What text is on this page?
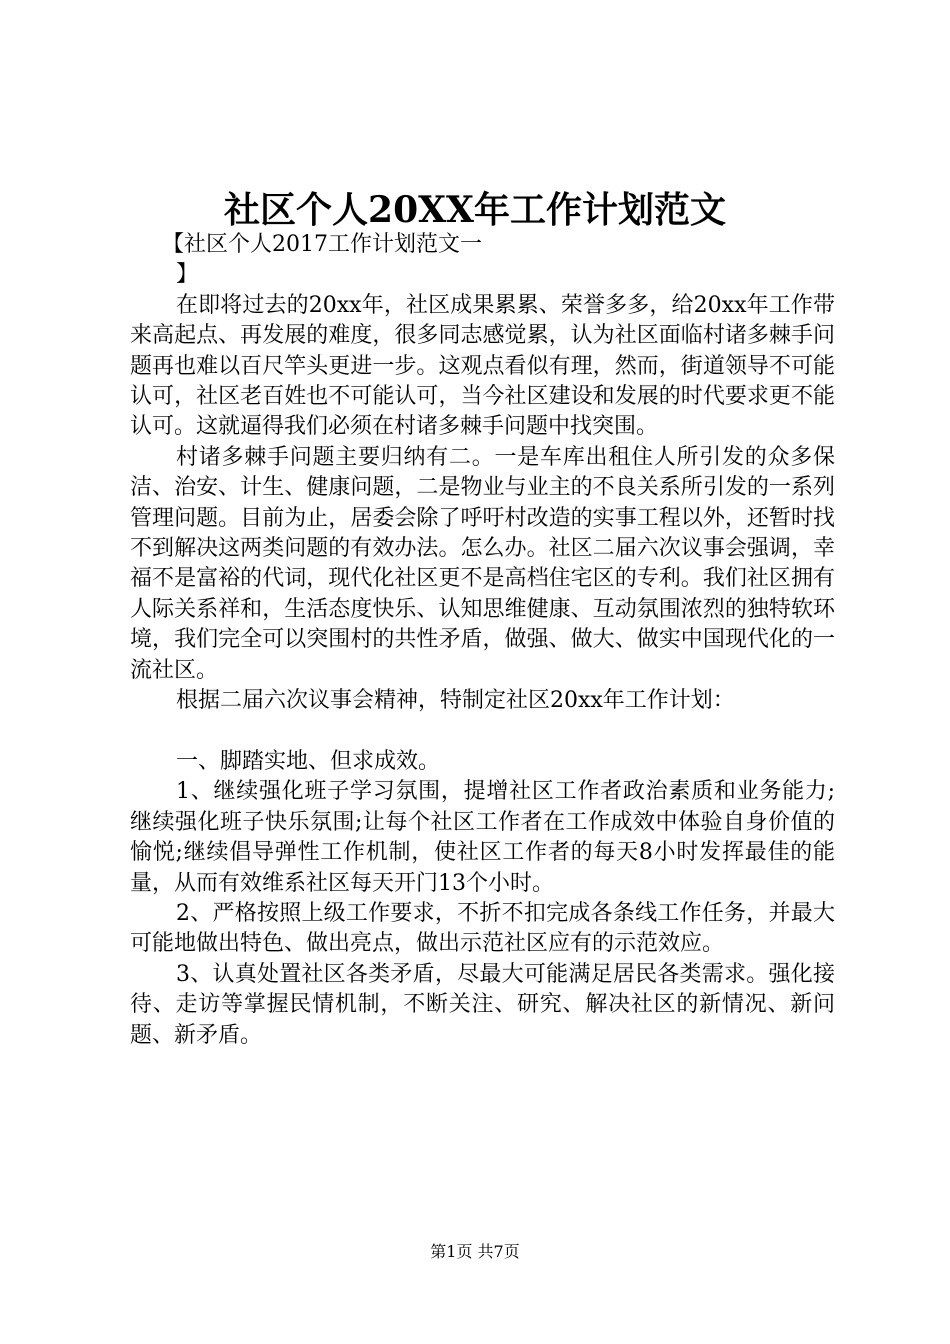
社区个人20XX年工作计划范文

【社区个人2017工作计划范文一

】

在即将过去的20xx年，社区成果累累、荣誉多多，给20xx年工作带来高起点、再发展的难度，很多同志感觉累，认为社区面临村诸多棘手问题再也难以百尺竿头更进一步。这观点看似有理，然而，街道领导不可能认可，社区老百姓也不可能认可，当今社区建设和发展的时代要求更不能认可。这就逼得我们必须在村诸多棘手问题中找突围。

村诸多棘手问题主要归纳有二。一是车库出租住人所引发的众多保洁、治安、计生、健康问题，二是物业与业主的不良关系所引发的一系列管理问题。目前为止，居委会除了呼吁村改造的实事工程以外，还暂时找不到解决这两类问题的有效办法。怎么办。社区二届六次议事会强调，幸福不是富裕的代词，现代化社区更不是高档住宅区的专利。我们社区拥有人际关系祥和，生活态度快乐、认知思维健康、互动氛围浓烈的独特软环境，我们完全可以突围村的共性矛盾，做强、做大、做实中国现代化的一流社区。

根据二届六次议事会精神，特制定社区20xx年工作计划：

一、脚踏实地、但求成效。

1、继续强化班子学习氛围，提增社区工作者政治素质和业务能力;继续强化班子快乐氛围;让每个社区工作者在工作成效中体验自身价值的愉悦;继续倡导弹性工作机制，使社区工作者的每天8小时发挥最佳的能量，从而有效维系社区每天开门13个小时。

2、严格按照上级工作要求，不折不扣完成各条线工作任务，并最大可能地做出特色、做出亮点，做出示范社区应有的示范效应。

3、认真处置社区各类矛盾，尽最大可能满足居民各类需求。强化接待、走访等掌握民情机制，不断关注、研究、解决社区的新情况、新问题、新矛盾。

第1页 共7页
